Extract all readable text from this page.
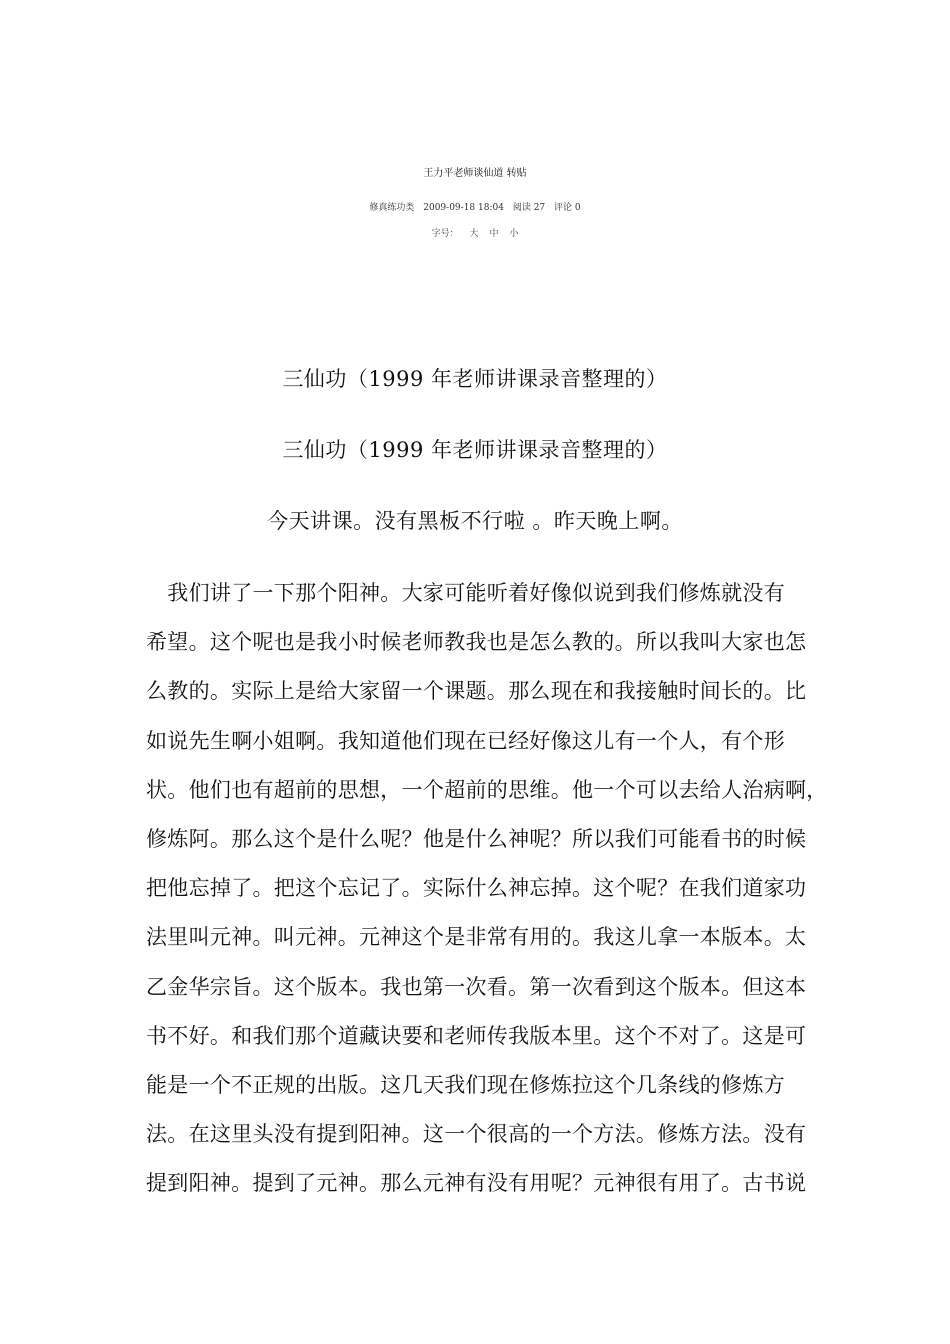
王力平老师谈仙道 转贴
修真练功类 2009-09-18 18:04 阅读 27 评论 0
字号： 大 中 小
三仙功（1999 年老师讲课录音整理的）
三仙功（1999 年老师讲课录音整理的）
今天讲课。没有黑板不行啦 。昨天晚上啊。
　我们讲了一下那个阳神。大家可能听着好像似说到我们修炼就没有
希望。这个呢也是我小时候老师教我也是怎么教的。所以我叫大家也怎
么教的。实际上是给大家留一个课题。那么现在和我接触时间长的。比
如说先生啊小姐啊。我知道他们现在已经好像这儿有一个人，有个形
状。他们也有超前的思想，一个超前的思维。他一个可以去给人治病啊，
修炼阿。那么这个是什么呢？他是什么神呢？所以我们可能看书的时候
把他忘掉了。把这个忘记了。实际什么神忘掉。这个呢？在我们道家功
法里叫元神。叫元神。元神这个是非常有用的。我这儿拿一本版本。太
乙金华宗旨。这个版本。我也第一次看。第一次看到这个版本。但这本
书不好。和我们那个道藏诀要和老师传我版本里。这个不对了。这是可
能是一个不正规的出版。这几天我们现在修炼拉这个几条线的修炼方
法。在这里头没有提到阳神。这一个很高的一个方法。修炼方法。没有
提到阳神。提到了元神。那么元神有没有用呢？元神很有用了。古书说
